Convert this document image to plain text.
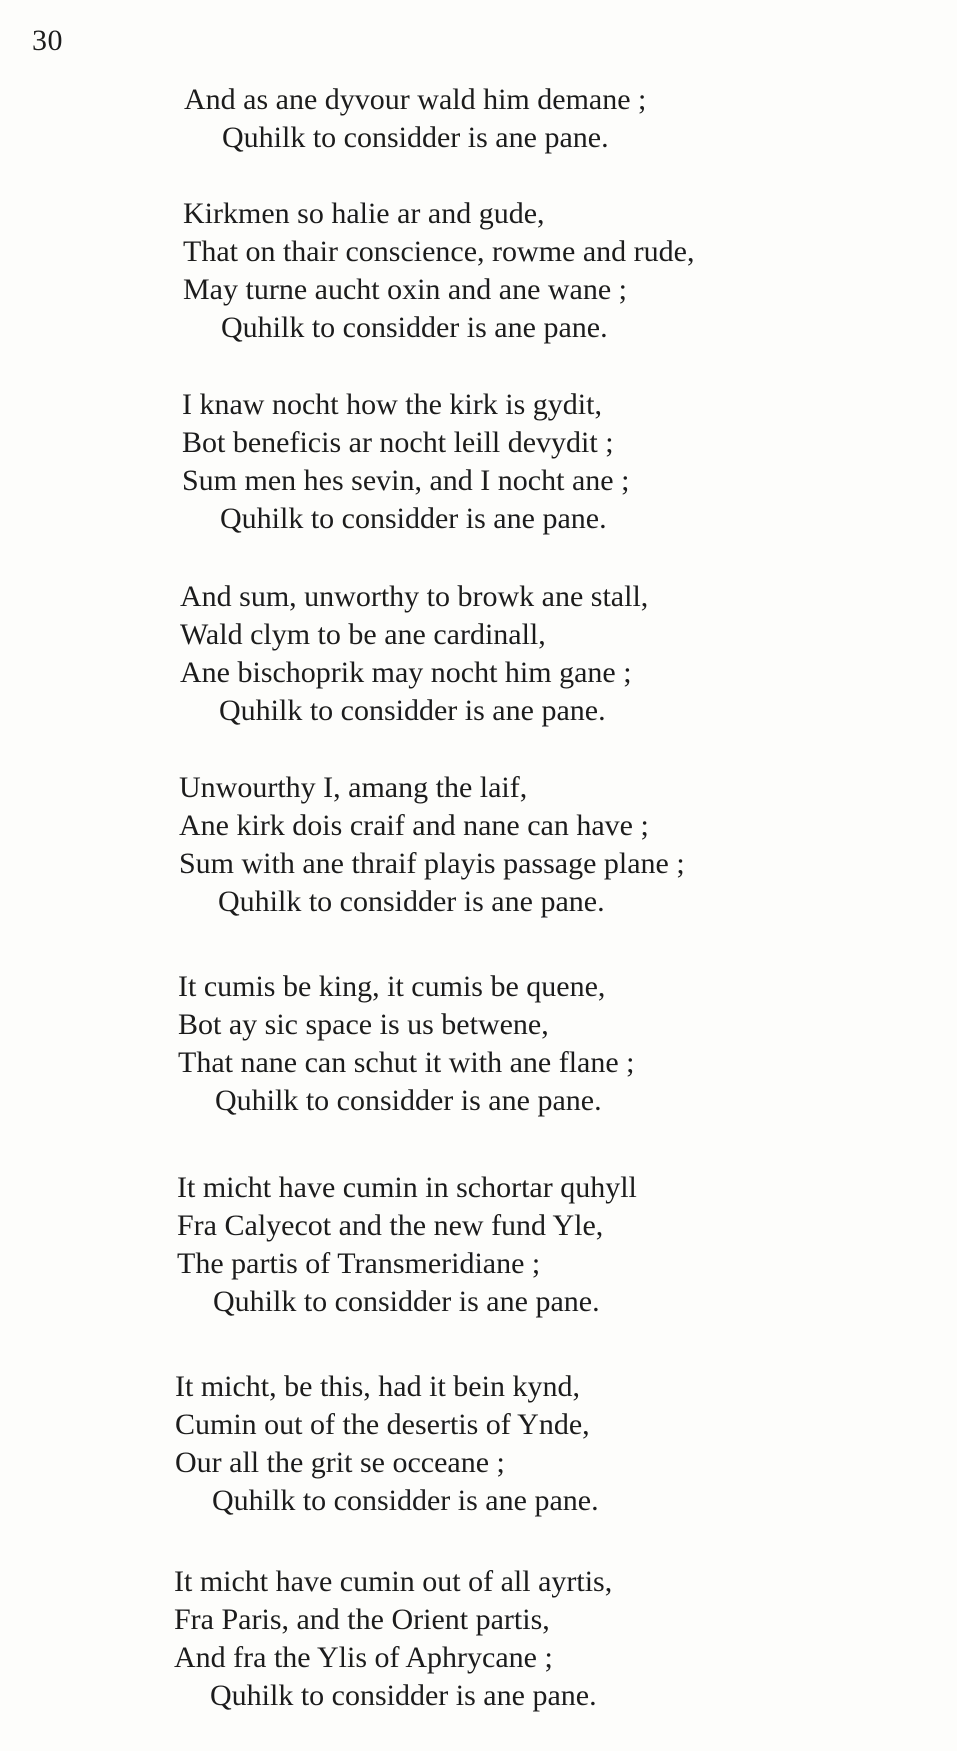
30
And as ane dyvour wald him demane ;
Quhilk to considder is ane pane.
Kirkmen so halie ar and gude,
That on thair conscience, rowme and rude,
May turne aucht oxin and ane wane ;
Quhilk to considder is ane pane.
I knaw nocht how the kirk is gydit,
Bot beneficis ar nocht leill devydit ;
Sum men hes sevin, and I nocht ane ;
Quhilk to considder is ane pane.
And sum, unworthy to browk ane stall,
Wald clym to be ane cardinall,
Ane bischoprik may nocht him gane ;
Quhilk to considder is ane pane.
Unwourthy I, amang the laif,
Ane kirk dois craif and nane can have ;
Sum with ane thraif playis passage plane ;
Quhilk to considder is ane pane.
It cumis be king, it cumis be quene,
Bot ay sic space is us betwene,
That nane can schut it with ane flane ;
Quhilk to considder is ane pane.
It micht have cumin in schortar quhyll
Fra Calyecot and the new fund Yle,
The partis of Transmeridiane ;
Quhilk to considder is ane pane.
It micht, be this, had it bein kynd,
Cumin out of the desertis of Ynde,
Our all the grit se occeane ;
Quhilk to considder is ane pane.
It micht have cumin out of all ayrtis,
Fra Paris, and the Orient partis,
And fra the Ylis of Aphrycane ;
Quhilk to considder is ane pane.
